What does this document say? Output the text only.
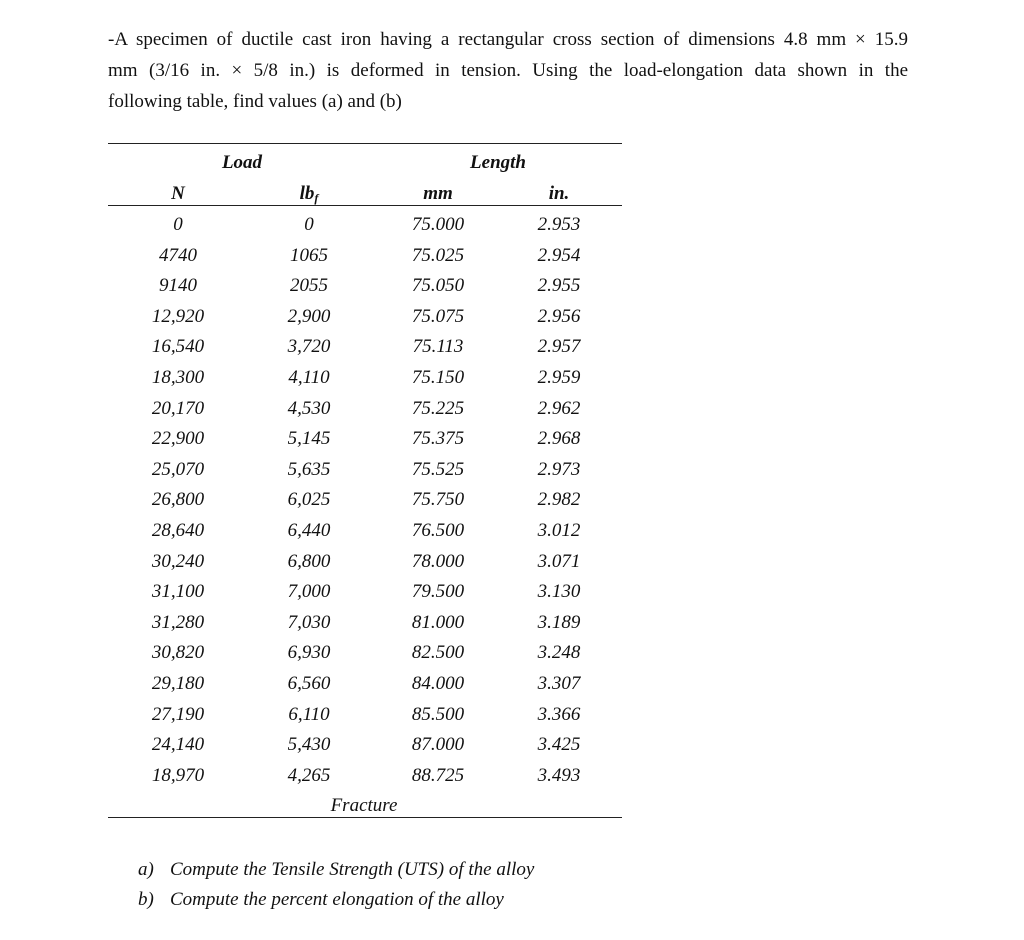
-A specimen of ductile cast iron having a rectangular cross section of dimensions 4.8 mm × 15.9
mm (3/16 in. × 5/8 in.) is deformed in tension. Using the load-elongation data shown in the
following table, find values (a) and (b)

Load	Length
N	$lb_f$	mm	in.
0	0	75.000	2.953
4740	1065	75.025	2.954
9140	2055	75.050	2.955
12,920	2,900	75.075	2.956
16,540	3,720	75.113	2.957
18,300	4,110	75.150	2.959
20,170	4,530	75.225	2.962
22,900	5,145	75.375	2.968
25,070	5,635	75.525	2.973
26,800	6,025	75.750	2.982
28,640	6,440	76.500	3.012
30,240	6,800	78.000	3.071
31,100	7,000	79.500	3.130
31,280	7,030	81.000	3.189
30,820	6,930	82.500	3.248
29,180	6,560	84.000	3.307
27,190	6,110	85.500	3.366
24,140	5,430	87.000	3.425
18,970	4,265	88.725	3.493
Fracture
a) Compute the Tensile Strength (UTS) of the alloy
b) Compute the percent elongation of the alloy
